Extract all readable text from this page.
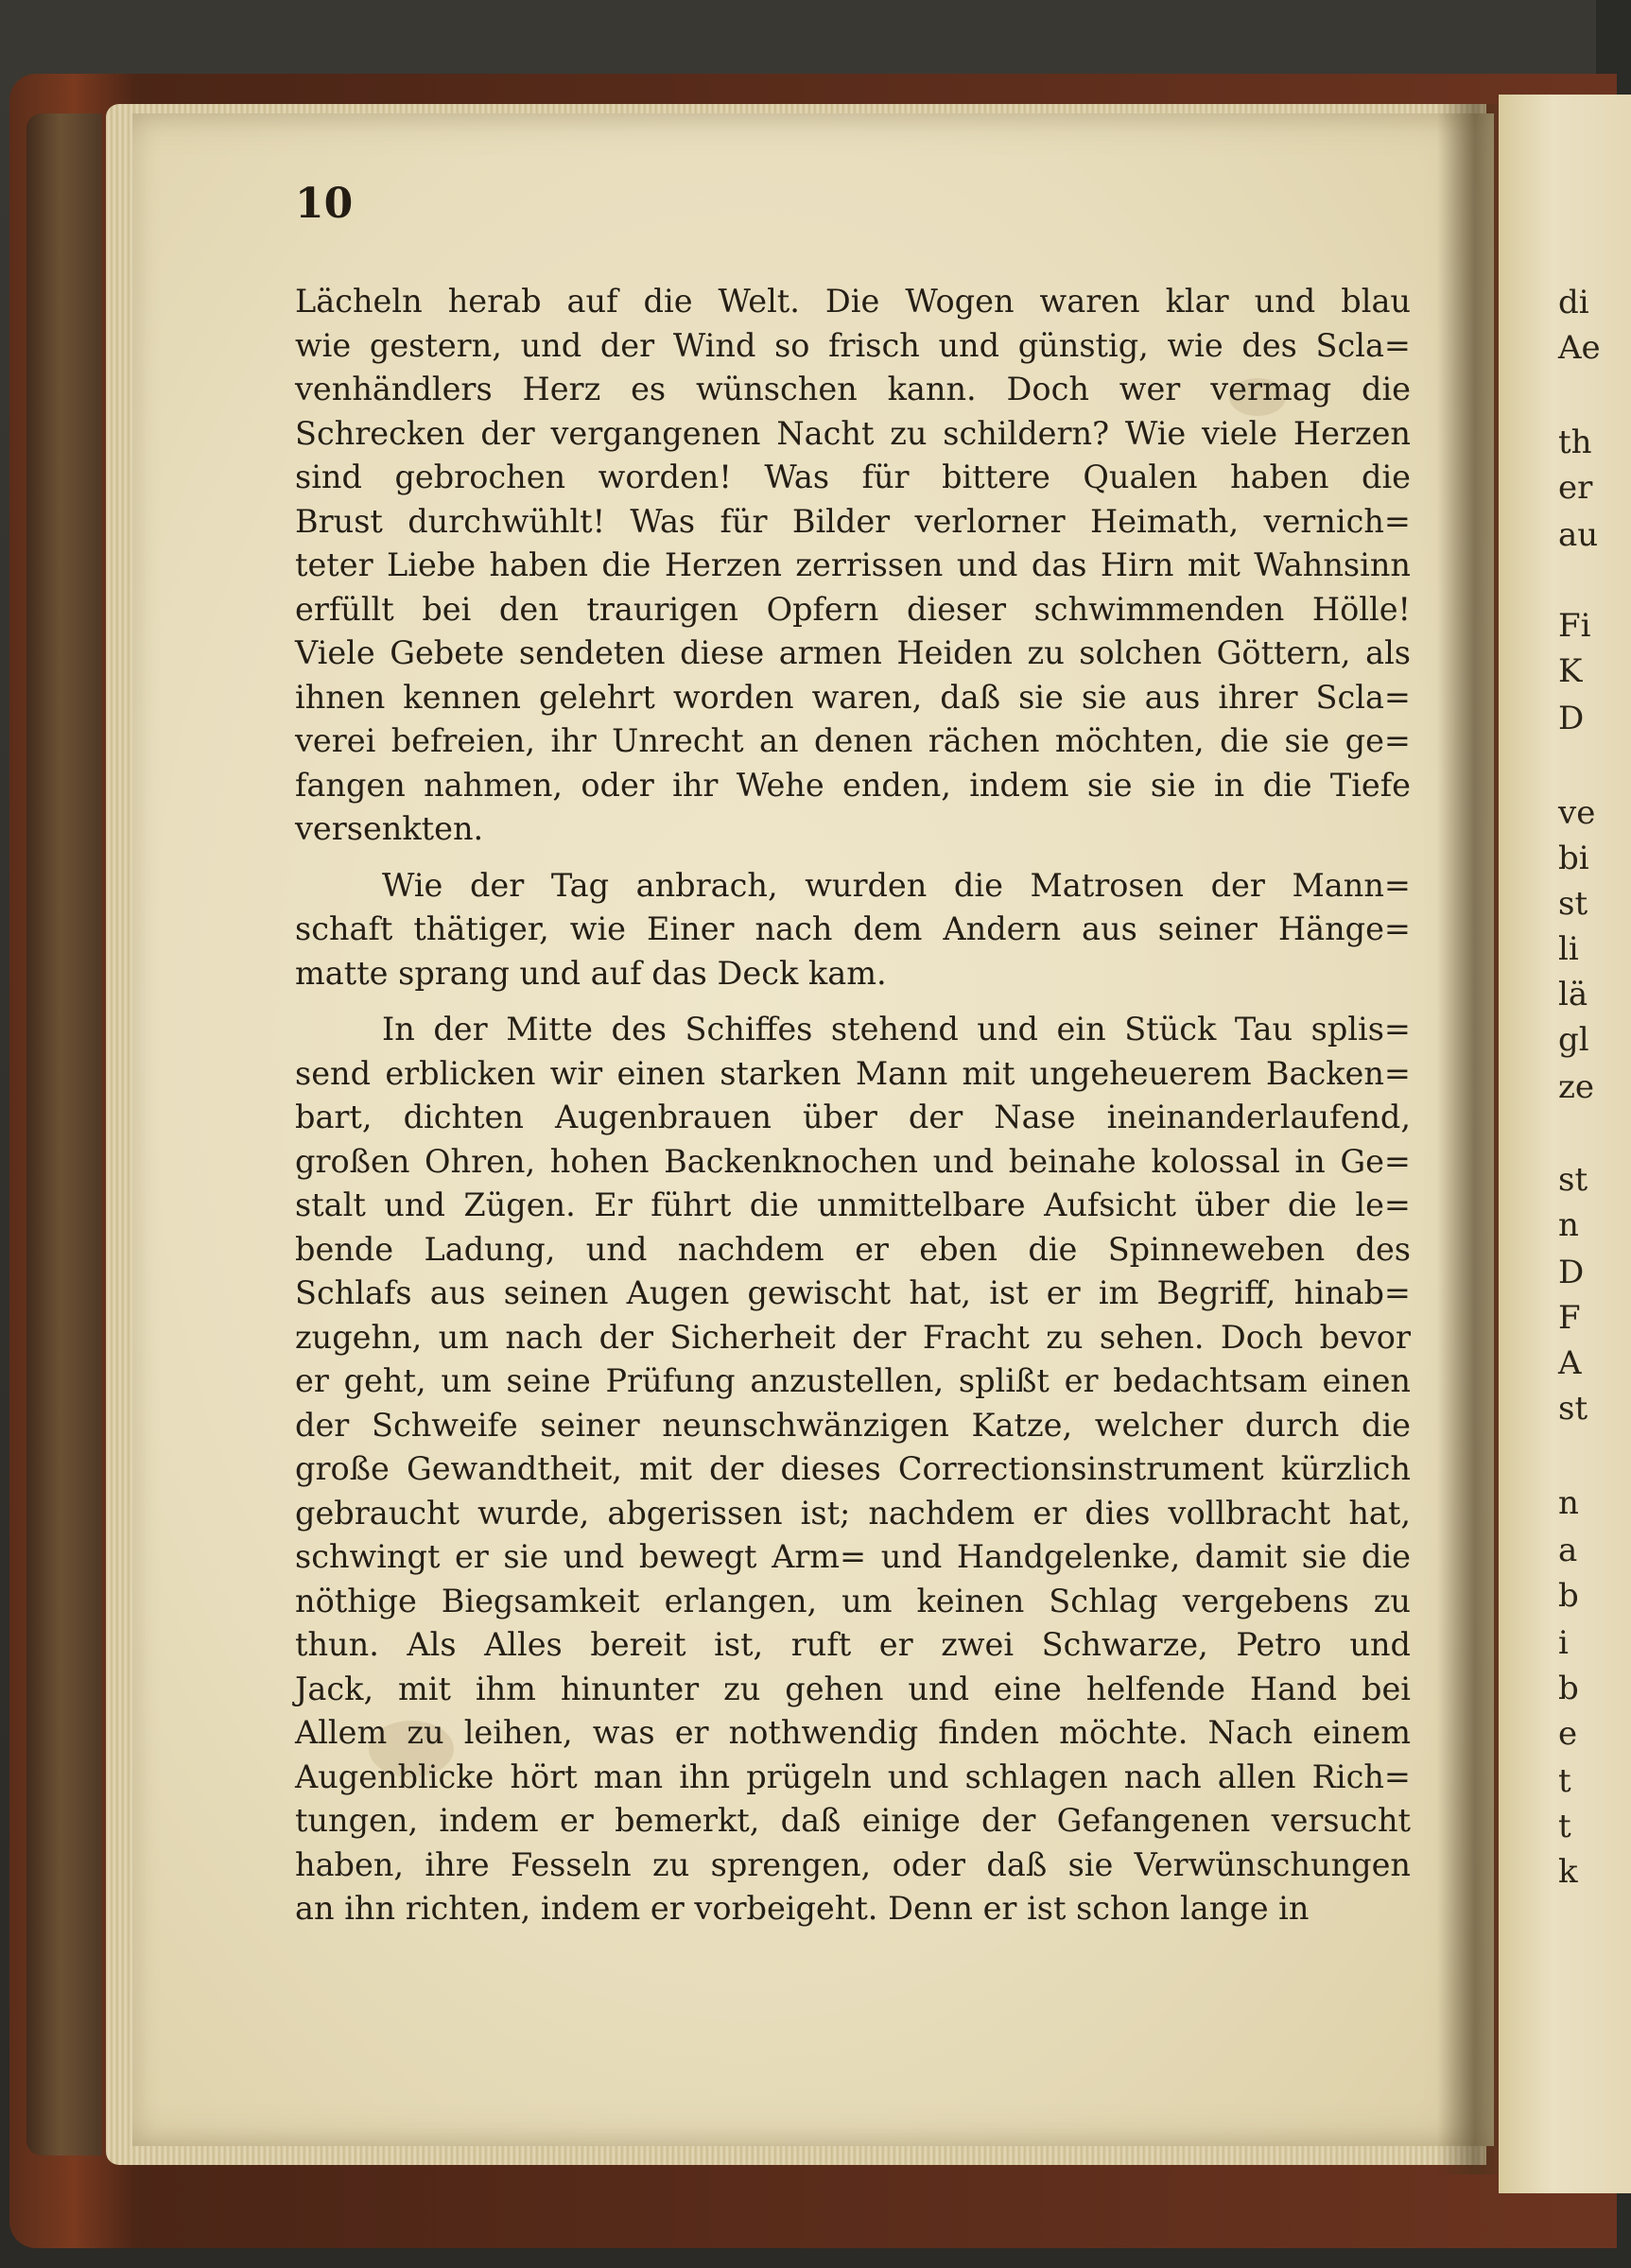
di
Ae
th
er
au
Fi
K
D
ve
bi
st
li
lä
gl
ze
st
n
D
F
A
st
n
a
b
i
b
e
t
t
k
10
Lächeln herab auf die Welt. Die Wogen waren klar und blau
wie gestern, und der Wind so frisch und günstig, wie des Scla=
venhändlers Herz es wünschen kann. Doch wer vermag die
Schrecken der vergangenen Nacht zu schildern? Wie viele Herzen
sind gebrochen worden! Was für bittere Qualen haben die
Brust durchwühlt! Was für Bilder verlorner Heimath, vernich=
teter Liebe haben die Herzen zerrissen und das Hirn mit Wahnsinn
erfüllt bei den traurigen Opfern dieser schwimmenden Hölle!
Viele Gebete sendeten diese armen Heiden zu solchen Göttern, als
ihnen kennen gelehrt worden waren, daß sie sie aus ihrer Scla=
verei befreien, ihr Unrecht an denen rächen möchten, die sie ge=
fangen nahmen, oder ihr Wehe enden, indem sie sie in die Tiefe
versenkten.
Wie der Tag anbrach, wurden die Matrosen der Mann=
schaft thätiger, wie Einer nach dem Andern aus seiner Hänge=
matte sprang und auf das Deck kam.
In der Mitte des Schiffes stehend und ein Stück Tau splis=
send erblicken wir einen starken Mann mit ungeheuerem Backen=
bart, dichten Augenbrauen über der Nase ineinanderlaufend,
großen Ohren, hohen Backenknochen und beinahe kolossal in Ge=
stalt und Zügen. Er führt die unmittelbare Aufsicht über die le=
bende Ladung, und nachdem er eben die Spinneweben des
Schlafs aus seinen Augen gewischt hat, ist er im Begriff, hinab=
zugehn, um nach der Sicherheit der Fracht zu sehen. Doch bevor
er geht, um seine Prüfung anzustellen, splißt er bedachtsam einen
der Schweife seiner neunschwänzigen Katze, welcher durch die
große Gewandtheit, mit der dieses Correctionsinstrument kürzlich
gebraucht wurde, abgerissen ist; nachdem er dies vollbracht hat,
schwingt er sie und bewegt Arm= und Handgelenke, damit sie die
nöthige Biegsamkeit erlangen, um keinen Schlag vergebens zu
thun. Als Alles bereit ist, ruft er zwei Schwarze, Petro und
Jack, mit ihm hinunter zu gehen und eine helfende Hand bei
Allem zu leihen, was er nothwendig finden möchte. Nach einem
Augenblicke hört man ihn prügeln und schlagen nach allen Rich=
tungen, indem er bemerkt, daß einige der Gefangenen versucht
haben, ihre Fesseln zu sprengen, oder daß sie Verwünschungen
an ihn richten, indem er vorbeigeht. Denn er ist schon lange in
